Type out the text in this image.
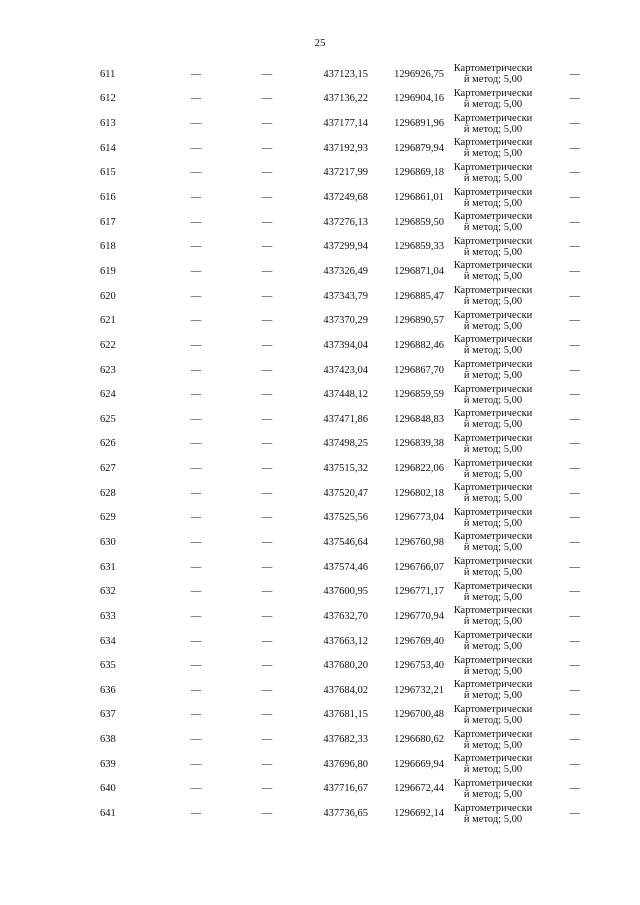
25
611	—	—	437123,15	1296926,75	Картометрически
й метод; 5,00	—
612	—	—	437136,22	1296904,16	Картометрически
й метод; 5,00	—
613	—	—	437177,14	1296891,96	Картометрически
й метод; 5,00	—
614	—	—	437192,93	1296879,94	Картометрически
й метод; 5,00	—
615	—	—	437217,99	1296869,18	Картометрически
й метод; 5,00	—
616	—	—	437249,68	1296861,01	Картометрически
й метод; 5,00	—
617	—	—	437276,13	1296859,50	Картометрически
й метод; 5,00	—
618	—	—	437299,94	1296859,33	Картометрически
й метод; 5,00	—
619	—	—	437326,49	1296871,04	Картометрически
й метод; 5,00	—
620	—	—	437343,79	1296885,47	Картометрически
й метод; 5,00	—
621	—	—	437370,29	1296890,57	Картометрически
й метод; 5,00	—
622	—	—	437394,04	1296882,46	Картометрически
й метод; 5,00	—
623	—	—	437423,04	1296867,70	Картометрически
й метод; 5,00	—
624	—	—	437448,12	1296859,59	Картометрически
й метод; 5,00	—
625	—	—	437471,86	1296848,83	Картометрически
й метод; 5,00	—
626	—	—	437498,25	1296839,38	Картометрически
й метод; 5,00	—
627	—	—	437515,32	1296822,06	Картометрически
й метод; 5,00	—
628	—	—	437520,47	1296802,18	Картометрически
й метод; 5,00	—
629	—	—	437525,56	1296773,04	Картометрически
й метод; 5,00	—
630	—	—	437546,64	1296760,98	Картометрически
й метод; 5,00	—
631	—	—	437574,46	1296766,07	Картометрически
й метод; 5,00	—
632	—	—	437600,95	1296771,17	Картометрически
й метод; 5,00	—
633	—	—	437632,70	1296770,94	Картометрически
й метод; 5,00	—
634	—	—	437663,12	1296769,40	Картометрически
й метод; 5,00	—
635	—	—	437680,20	1296753,40	Картометрически
й метод; 5,00	—
636	—	—	437684,02	1296732,21	Картометрически
й метод; 5,00	—
637	—	—	437681,15	1296700,48	Картометрически
й метод; 5,00	—
638	—	—	437682,33	1296680,62	Картометрически
й метод; 5,00	—
639	—	—	437696,80	1296669,94	Картометрически
й метод; 5,00	—
640	—	—	437716,67	1296672,44	Картометрически
й метод; 5,00	—
641	—	—	437736,65	1296692,14	Картометрически
й метод; 5,00	—
